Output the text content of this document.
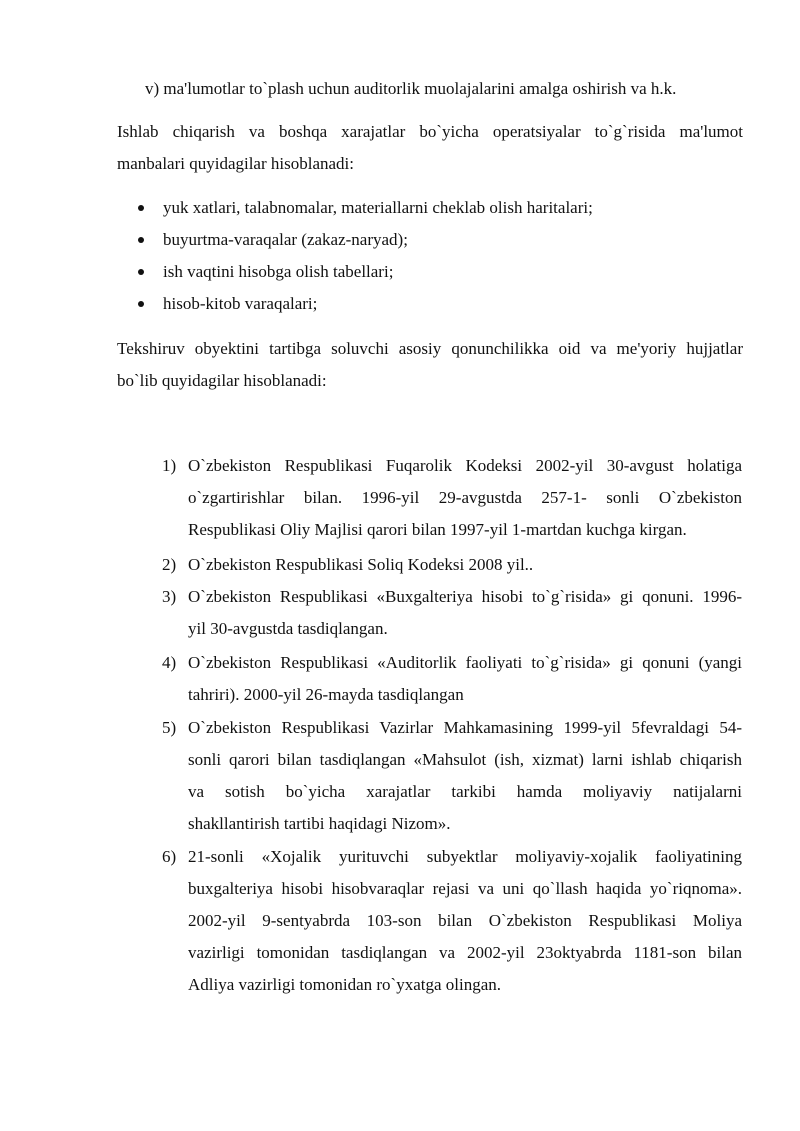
v) ma'lumotlar to`plash uchun auditorlik muolajalarini amalga oshirish va h.k.
Ishlab chiqarish va boshqa xarajatlar bo`yicha operatsiyalar to`g`risida ma'lumot
manbalari quyidagilar hisoblanadi:
yuk xatlari, talabnomalar, materiallarni cheklab olish haritalari;
buyurtma-varaqalar (zakaz-naryad);
ish vaqtini hisobga olish tabellari;
hisob-kitob varaqalari;
Tekshiruv obyektini tartibga soluvchi asosiy qonunchilikka oid va me'yoriy hujjatlar
bo`lib quyidagilar hisoblanadi:
1) O`zbekiston Respublikasi Fuqarolik Kodeksi 2002-yil 30-avgust holatiga
o`zgartirishlar bilan. 1996-yil 29-avgustda 257-1- sonli O`zbekiston
Respublikasi Oliy Majlisi qarori bilan 1997-yil 1-martdan kuchga kirgan.
2) O`zbekiston Respublikasi Soliq Kodeksi 2008 yil..
3) O`zbekiston Respublikasi «Buxgalteriya hisobi to`g`risida» gi qonuni. 1996-
yil 30-avgustda tasdiqlangan.
4) O`zbekiston Respublikasi «Auditorlik faoliyati to`g`risida» gi qonuni (yangi
tahriri). 2000-yil 26-mayda tasdiqlangan
5) O`zbekiston Respublikasi Vazirlar Mahkamasining 1999-yil 5fevraldagi 54-
sonli qarori bilan tasdiqlangan «Mahsulot (ish, xizmat) larni ishlab chiqarish
va sotish bo`yicha xarajatlar tarkibi hamda moliyaviy natijalarni
shakllantirish tartibi haqidagi Nizom».
6) 21-sonli «Xojalik yurituvchi subyektlar moliyaviy-xojalik faoliyatining
buxgalteriya hisobi hisobvaraqlar rejasi va uni qo`llash haqida yo`riqnoma».
2002-yil 9-sentyabrda 103-son bilan O`zbekiston Respublikasi Moliya
vazirligi tomonidan tasdiqlangan va 2002-yil 23oktyabrda 1181-son bilan
Adliya vazirligi tomonidan ro`yxatga olingan.
